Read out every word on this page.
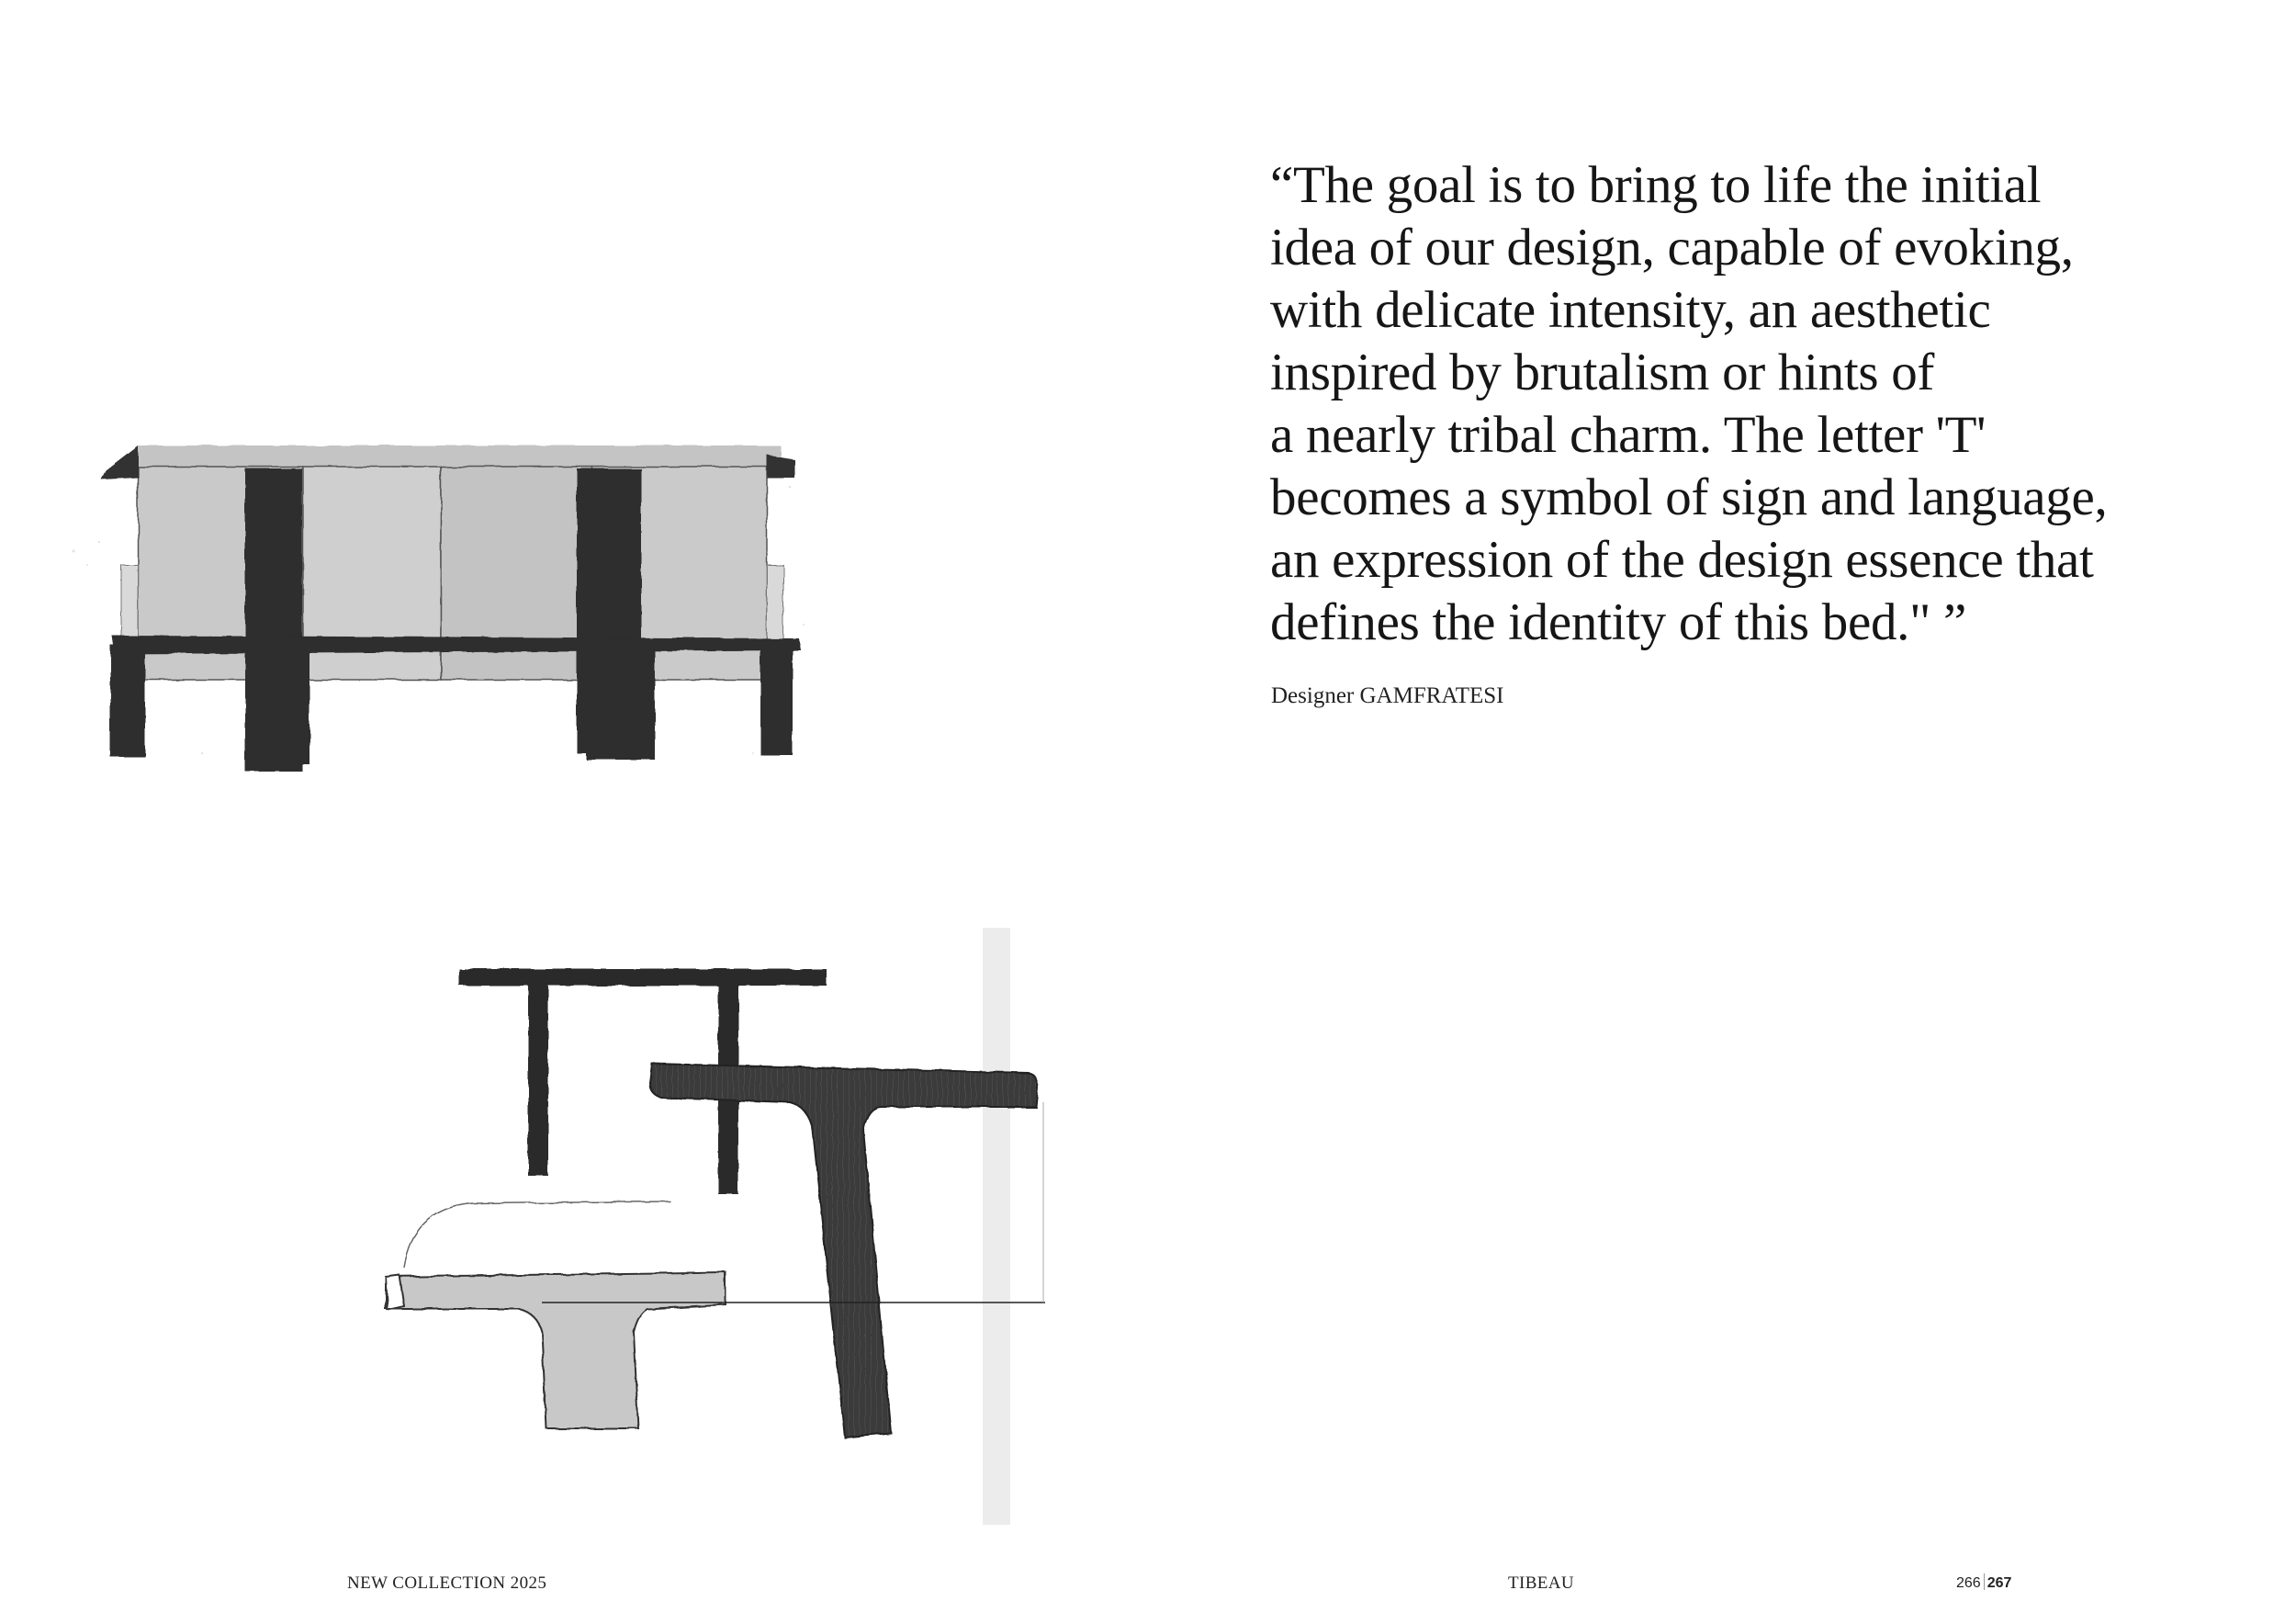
“The goal is to bring to life the initial
idea of our design, capable of evoking,
with delicate intensity, an aesthetic
inspired by brutalism or hints of
a nearly tribal charm. The letter 'T'
becomes a symbol of sign and language,
an expression of the design essence that
defines the identity of this bed." ”
Designer GAMFRATESI
NEW COLLECTION 2025	TIBEAU	266 267
